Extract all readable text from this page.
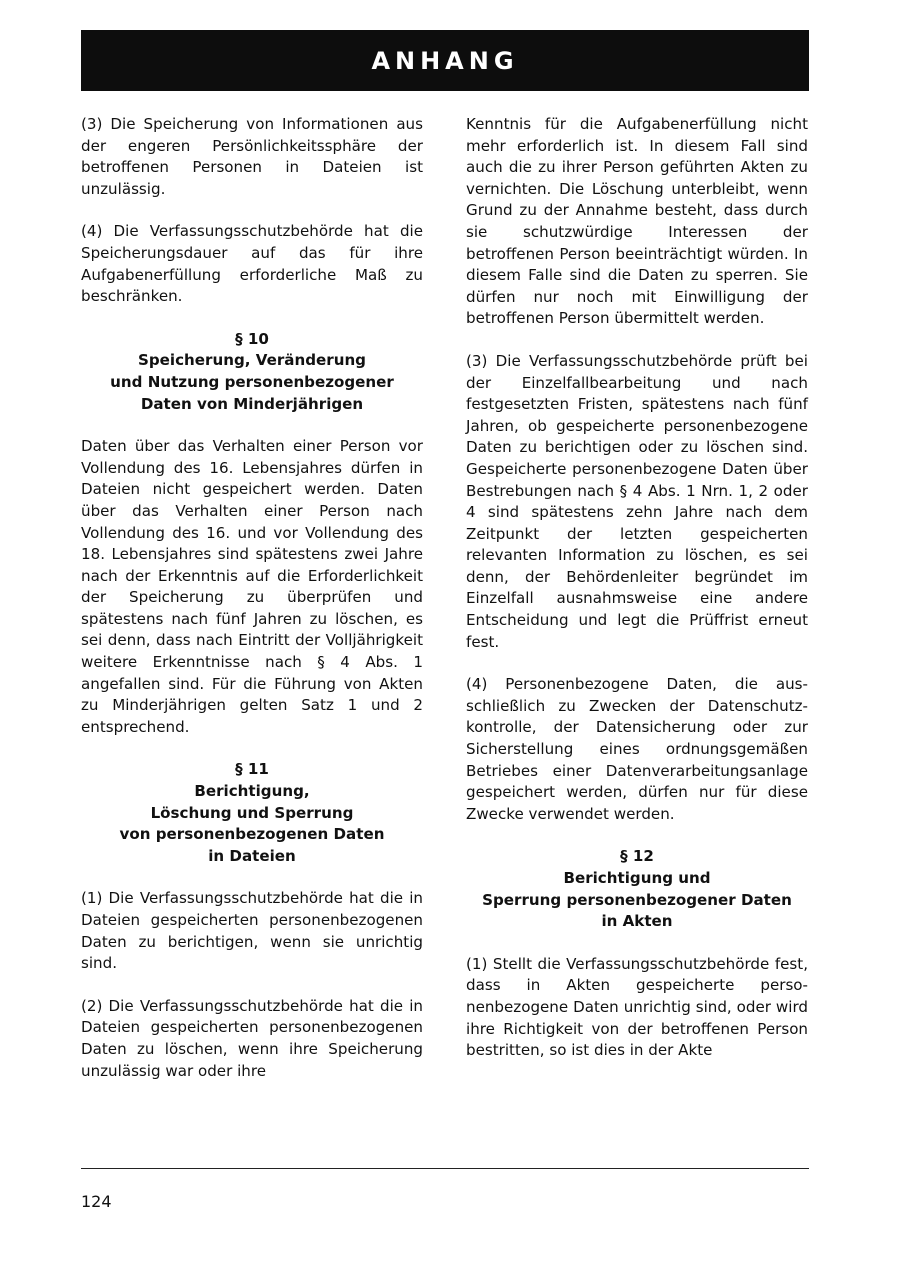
ANHANG

(3) Die Speicherung von Informationen aus der engeren Persönlichkeitssphäre der betroffenen Personen in Dateien ist unzulässig.

(4) Die Verfassungsschutzbehörde hat die Speicherungsdauer auf das für ihre Aufgabenerfüllung erforderliche Maß zu beschränken.

§ 10
Speicherung, Veränderung
und Nutzung personenbezogener
Daten von Minderjährigen

Daten über das Verhalten einer Person vor Vollendung des 16. Lebensjahres dürfen in Dateien nicht gespeichert werden. Daten über das Verhalten einer Person nach Vollendung des 16. und vor Vollendung des 18. Lebensjahres sind spätestens zwei Jahre nach der Erkenntnis auf die Erforderlichkeit der Speicherung zu überprüfen und spätestens nach fünf Jahren zu löschen, es sei denn, dass nach Eintritt der Volljährigkeit weitere Erkenntnisse nach § 4 Abs. 1 angefallen sind. Für die Führung von Akten zu Minderjährigen gelten Satz 1 und 2 entsprechend.

§ 11
Berichtigung,
Löschung und Sperrung
von personenbezogenen Daten
in Dateien

(1) Die Verfassungsschutzbehörde hat die in Dateien gespeicherten personenbezogenen Daten zu berichtigen, wenn sie unrichtig sind.

(2) Die Verfassungsschutzbehörde hat die in Dateien gespeicherten personenbezogenen Daten zu löschen, wenn ihre Speicherung unzulässig war oder ihre

Kenntnis für die Aufgabenerfüllung nicht mehr erforderlich ist. In diesem Fall sind auch die zu ihrer Person geführten Akten zu vernichten. Die Löschung unterbleibt, wenn Grund zu der Annahme besteht, dass durch sie schutzwürdige Interessen der betroffenen Person beeinträchtigt würden. In diesem Falle sind die Daten zu sperren. Sie dürfen nur noch mit Einwilligung der betroffenen Person übermittelt werden.

(3) Die Verfassungsschutzbehörde prüft bei der Einzelfallbearbeitung und nach festgesetzten Fristen, spätestens nach fünf Jahren, ob gespeicherte personenbezogene Daten zu berichtigen oder zu löschen sind. Gespeicherte personenbezogene Daten über Bestrebungen nach § 4 Abs. 1 Nrn. 1, 2 oder 4 sind spätestens zehn Jahre nach dem Zeitpunkt der letzten gespeicherten relevanten Information zu löschen, es sei denn, der Behördenleiter begründet im Einzelfall ausnahmsweise eine andere Entscheidung und legt die Prüffrist erneut fest.

(4) Personenbezogene Daten, die ausschließlich zu Zwecken der Datenschutzkontrolle, der Datensicherung oder zur Sicherstellung eines ordnungsgemäßen Betriebes einer Datenverarbeitungsanlage gespeichert werden, dürfen nur für diese Zwecke verwendet werden.

§ 12
Berichtigung und
Sperrung personenbezogener Daten
in Akten

(1) Stellt die Verfassungsschutzbehörde fest, dass in Akten gespeicherte personenbezogene Daten unrichtig sind, oder wird ihre Richtigkeit von der betroffenen Person bestritten, so ist dies in der Akte

124
